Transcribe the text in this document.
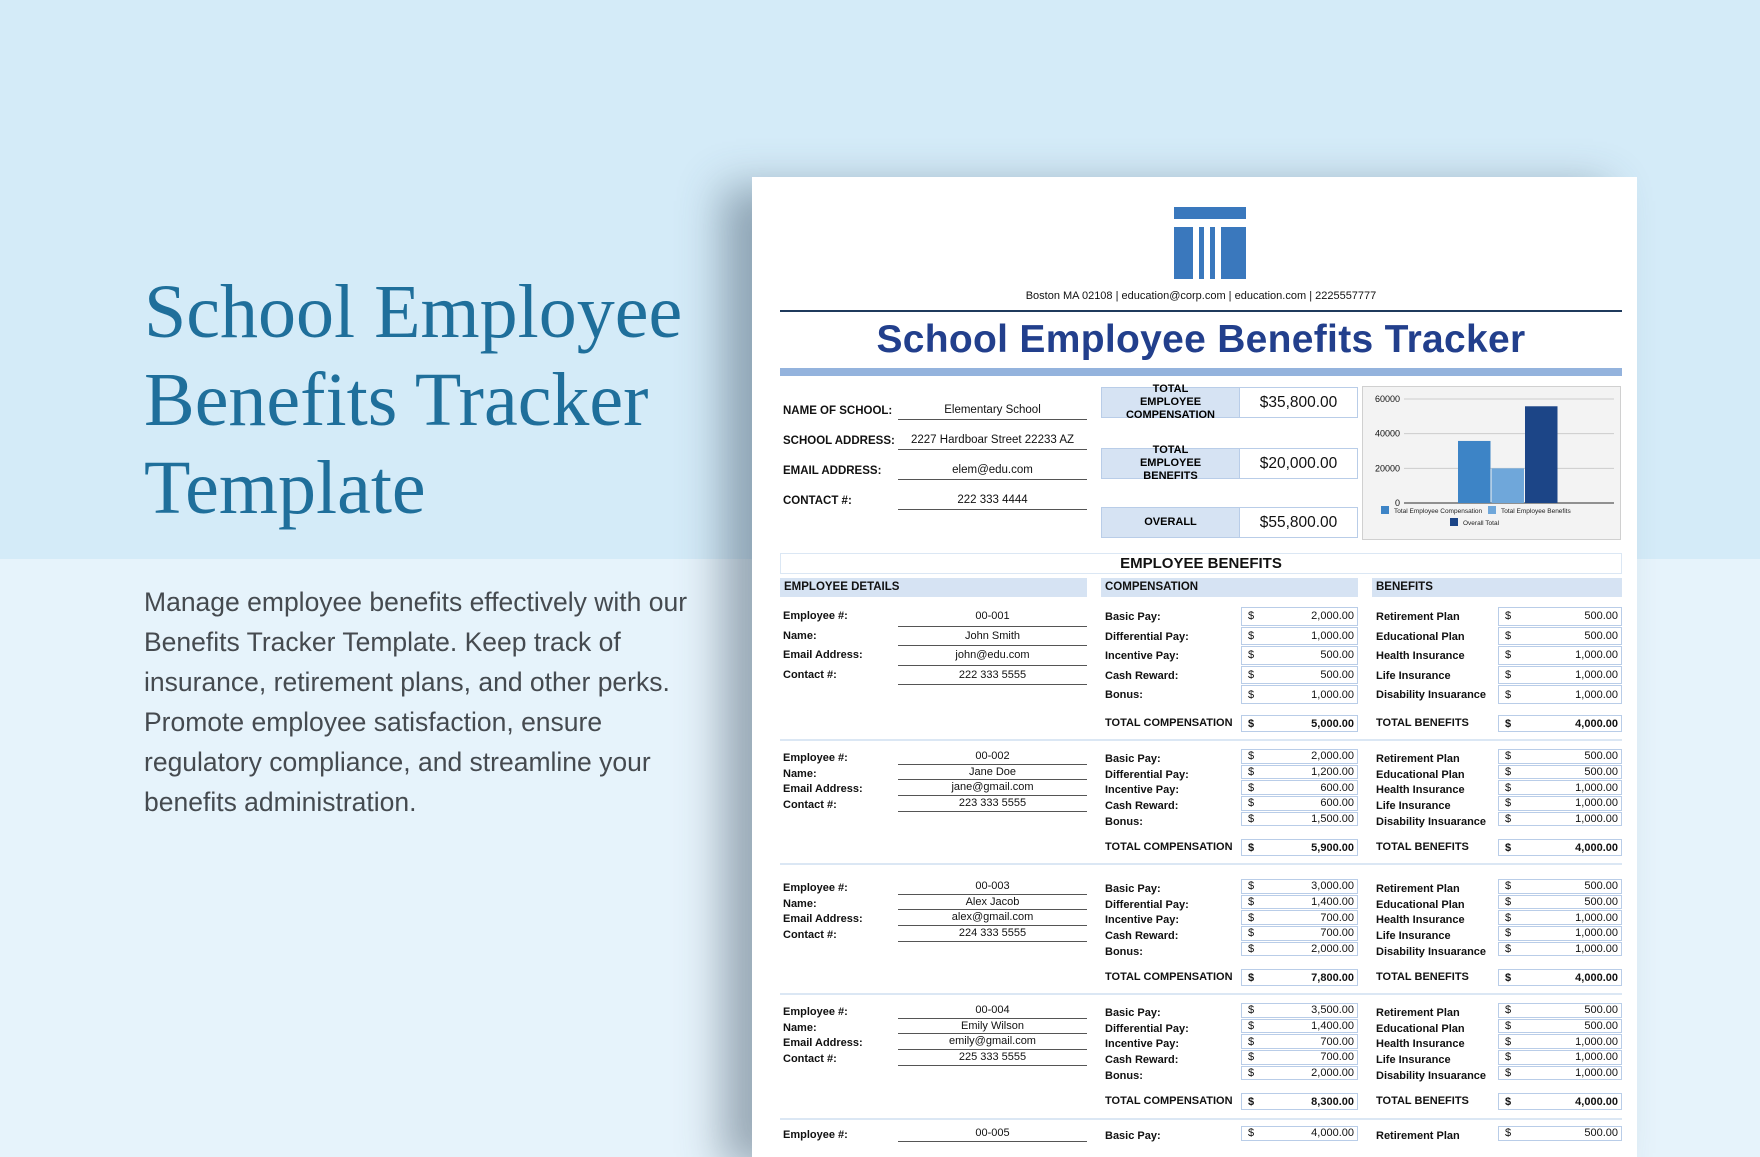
School Employee
Benefits Tracker
Template
Manage employee benefits effectively with our Benefits Tracker Template. Keep track of insurance, retirement plans, and other perks. Promote employee satisfaction, ensure regulatory compliance, and streamline your benefits administration.
Boston MA 02108 | education@corp.com | education.com | 2225557777
School Employee Benefits Tracker
NAME OF SCHOOL:	Elementary School
SCHOOL ADDRESS:	2227 Hardboar Street 22233 AZ
EMAIL ADDRESS:	elem@edu.com
CONTACT #:	222 333 4444
TOTAL EMPLOYEE COMPENSATION
$35,800.00
TOTAL EMPLOYEE BENEFITS
$20,000.00
OVERALL	$55,800.00
0
20000
40000
60000
Total Employee Compensation	Total Employee Benefits
Overall Total
EMPLOYEE BENEFITS
EMPLOYEE DETAILS	COMPENSATION	BENEFITS
Employee #:	00-001
Name:	John Smith
Email Address:	john@edu.com
Contact #:	222 333 5555
Basic Pay:	$	2,000.00
Differential Pay:	$	1,000.00
Incentive Pay:	$	500.00
Cash Reward:	$	500.00
Bonus:	$	1,000.00
Retirement Plan	$	500.00
Educational Plan	$	500.00
Health Insurance	$	1,000.00
Life Insurance	$	1,000.00
Disability Insuarance $	1,000.00
TOTAL COMPENSATION $	5,000.00 TOTAL BENEFITS	$	4,000.00
Employee #:	00-002
Name:	Jane Doe
Email Address:	jane@gmail.com
Contact #:	223 333 5555
Basic Pay:	$	2,000.00
Differential Pay:	$	1,200.00
Incentive Pay:	$	600.00
Cash Reward:	$	600.00
Bonus:	$	1,500.00
Retirement Plan	$	500.00
Educational Plan	$	500.00
Health Insurance	$	1,000.00
Life Insurance	$	1,000.00
Disability Insuarance $	1,000.00
TOTAL COMPENSATION $	5,900.00 TOTAL BENEFITS	$	4,000.00
Employee #:	00-003
Name:	Alex Jacob
Email Address:	alex@gmail.com
Contact #:	224 333 5555
Basic Pay:	$	3,000.00
Differential Pay:	$	1,400.00
Incentive Pay:	$	700.00
Cash Reward:	$	700.00
Bonus:	$	2,000.00
Retirement Plan	$	500.00
Educational Plan	$	500.00
Health Insurance	$	1,000.00
Life Insurance	$	1,000.00
Disability Insuarance $	1,000.00
TOTAL COMPENSATION $	7,800.00 TOTAL BENEFITS	$	4,000.00
Employee #:	00-004
Name:	Emily Wilson
Email Address:	emily@gmail.com
Contact #:	225 333 5555
Basic Pay:	$	3,500.00
Differential Pay:	$	1,400.00
Incentive Pay:	$	700.00
Cash Reward:	$	700.00
Bonus:	$	2,000.00
Retirement Plan	$	500.00
Educational Plan	$	500.00
Health Insurance	$	1,000.00
Life Insurance	$	1,000.00
Disability Insuarance $	1,000.00
TOTAL COMPENSATION $	8,300.00 TOTAL BENEFITS	$	4,000.00
Employee #:	00-005	Basic Pay:	$	4,000.00 Retirement Plan	$	500.00
